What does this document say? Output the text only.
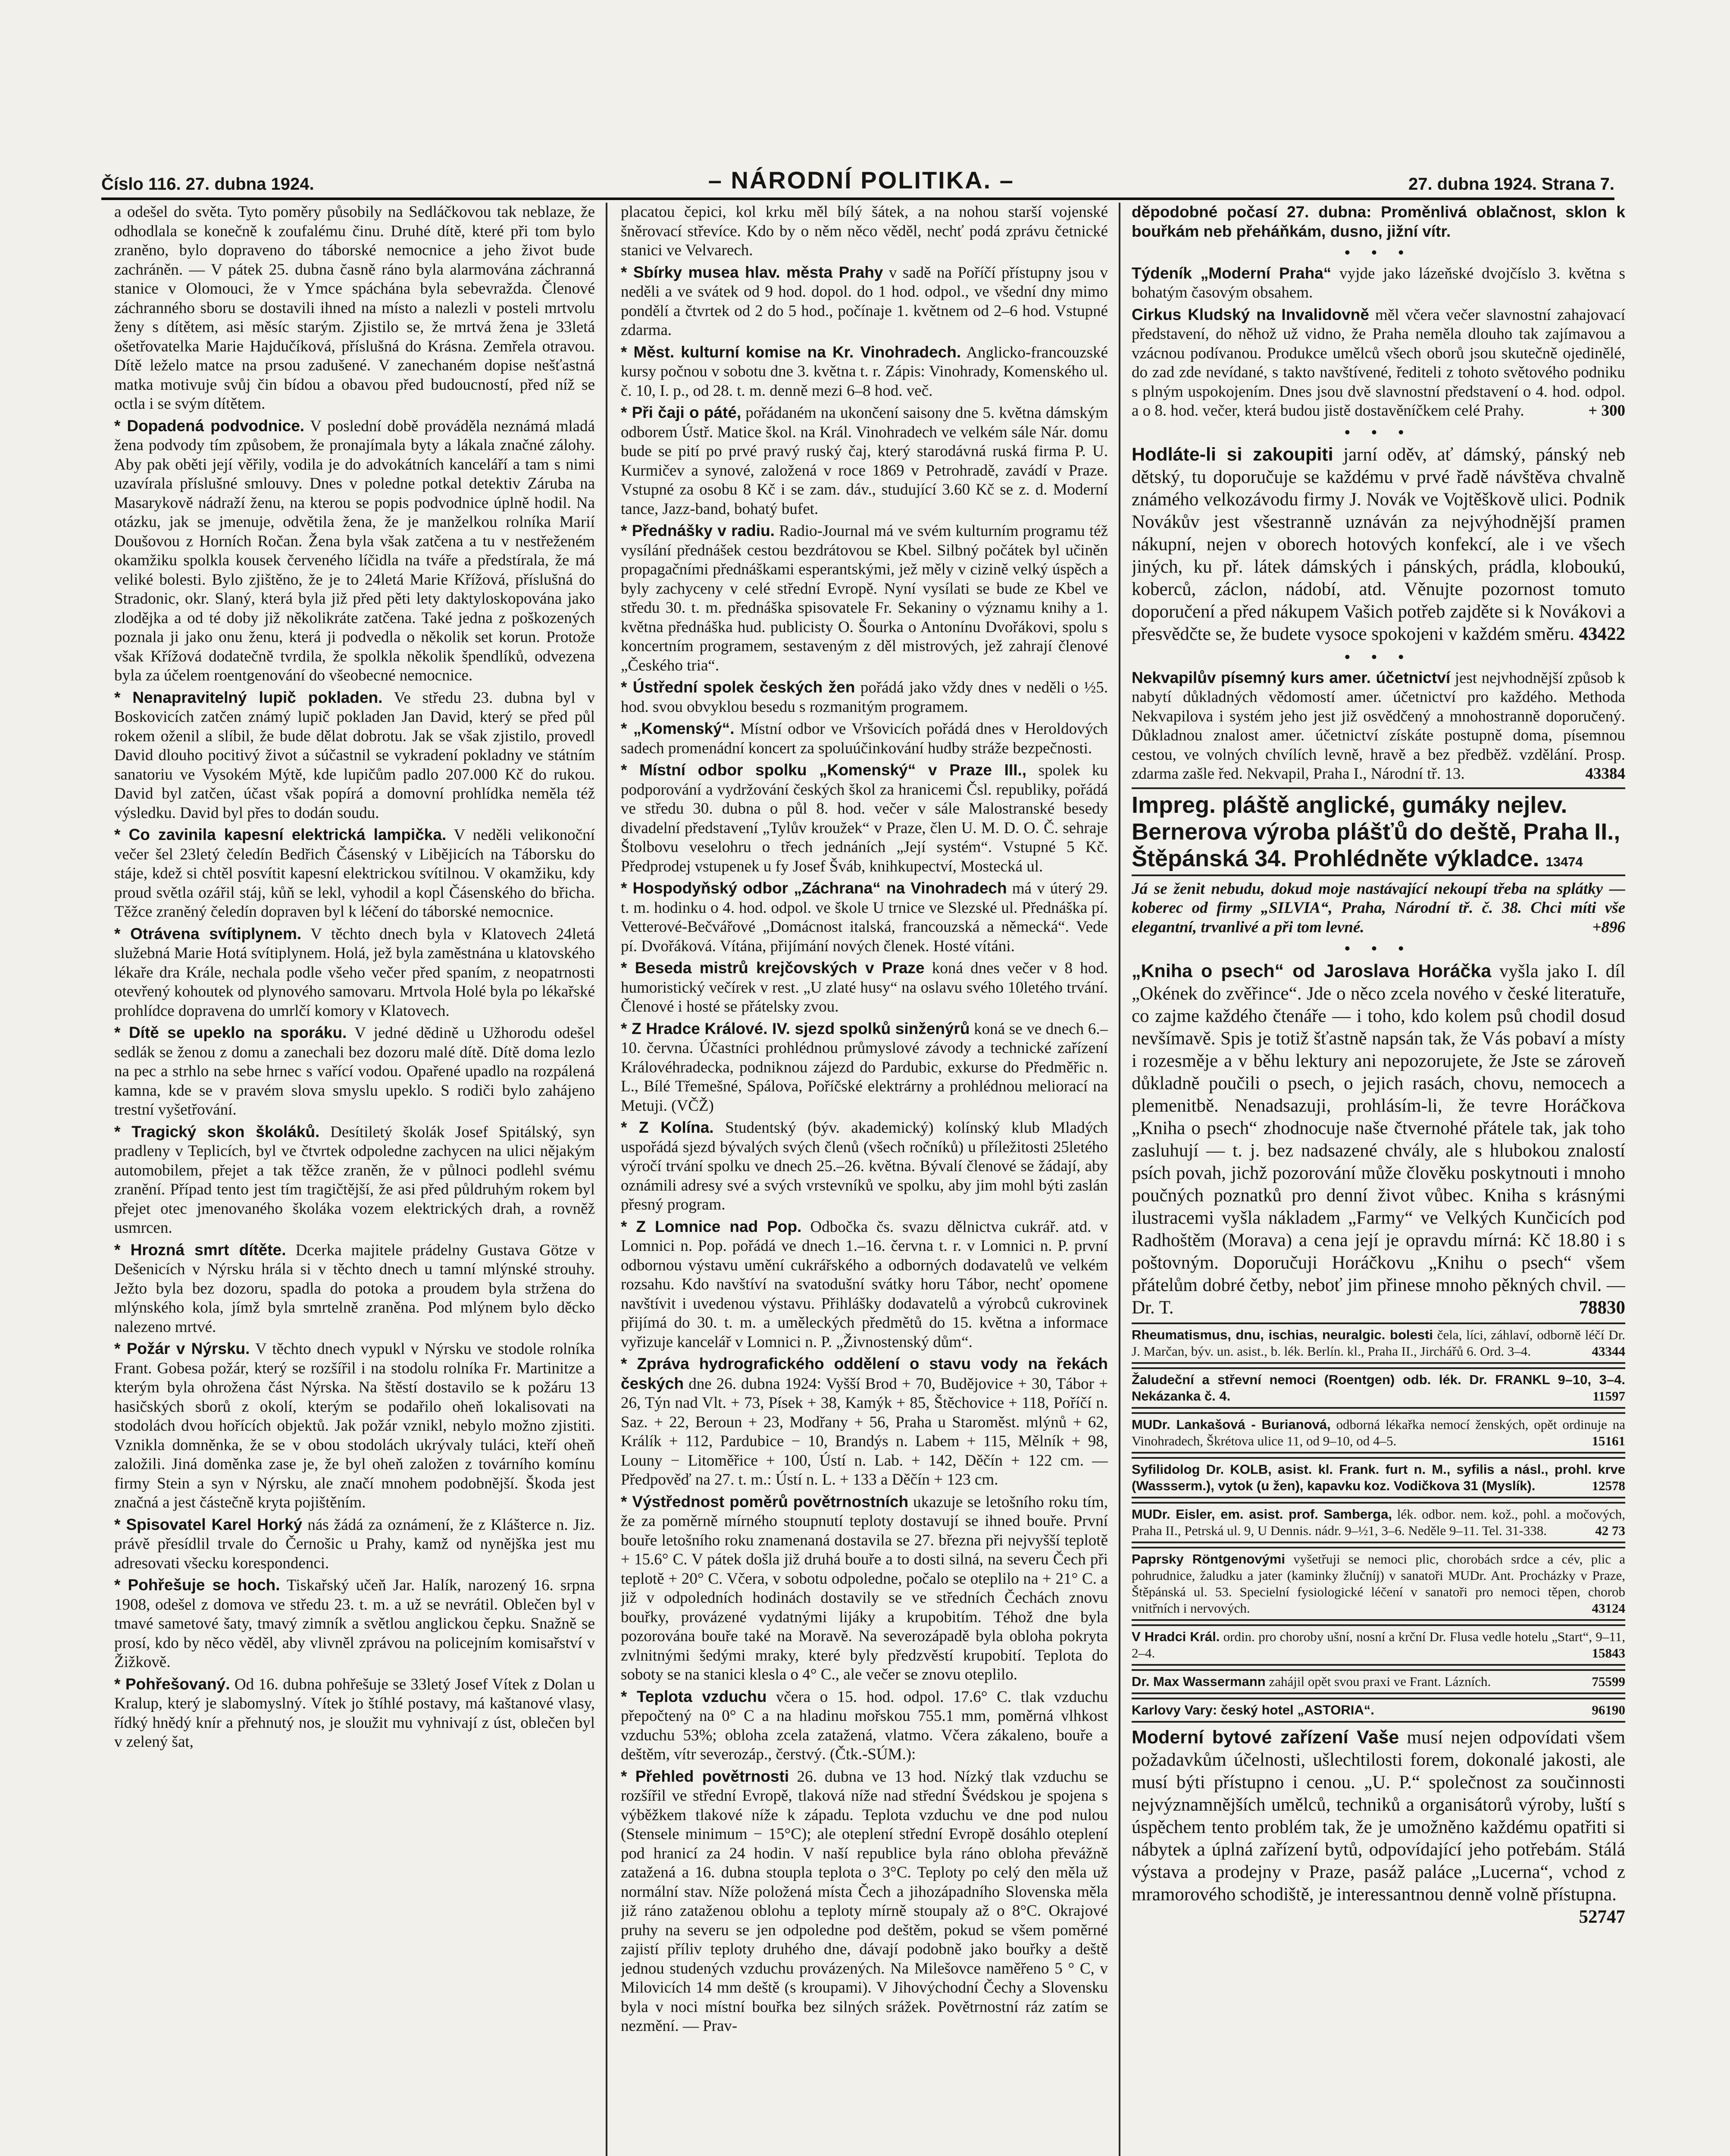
Číslo 116. 27. dubna 1924.	– NÁRODNÍ POLITIKA. –	27. dubna 1924. Strana 7.

a odešel do světa. Tyto poměry působily na Sedláčkovou tak neblaze, že odhodlala se konečně k zoufalému činu. Druhé dítě, které při tom bylo zraněno, bylo dopraveno do táborské nemocnice a jeho život bude zachráněn. — V pátek 25. dubna časně ráno byla alarmována záchranná stanice v Olomouci, že v Ymce spáchána byla sebevražda. Členové záchranného sboru se dostavili ihned na místo a nalezli v posteli mrtvolu ženy s dítětem, asi měsíc starým. Zjistilo se, že mrtvá žena je 33letá ošetřovatelka Marie Hajdučíková, příslušná do Krásna. Zemřela otravou. Dítě leželo matce na prsou zadušené. V zanechaném dopise nešťastná matka motivuje svůj čin bídou a obavou před budoucností, před níž se octla i se svým dítětem.

* Dopadená podvodnice. V poslední době prováděla neznámá mladá žena podvody tím způsobem, že pronajímala byty a lákala značné zálohy. Aby pak oběti její věřily, vodila je do advokátních kanceláří a tam s nimi uzavírala příslušné smlouvy. Dnes v poledne potkal detektiv Záruba na Masarykově nádraží ženu, na kterou se popis podvodnice úplně hodil. Na otázku, jak se jmenuje, odvětila žena, že je manželkou rolníka Marií Doušovou z Horních Ročan. Žena byla však zatčena a tu v nestřeženém okamžiku spolkla kousek červeného líčidla na tváře a předstírala, že má veliké bolesti. Bylo zjištěno, že je to 24letá Marie Křížová, příslušná do Stradonic, okr. Slaný, která byla již před pěti lety daktyloskopována jako zlodějka a od té doby již několikráte zatčena. Také jedna z poškozených poznala ji jako onu ženu, která ji podvedla o několik set korun. Protože však Křížová dodatečně tvrdila, že spolkla několik špendlíků, odvezena byla za účelem roentgenování do všeobecné nemocnice.

* Nenapravitelný lupič pokladen. Ve středu 23. dubna byl v Boskovicích zatčen známý lupič pokladen Jan David, který se před půl rokem oženil a slíbil, že bude dělat dobrotu. Jak se však zjistilo, provedl David dlouho pocitivý život a súčastnil se vykradení pokladny ve státním sanatoriu ve Vysokém Mýtě, kde lupičům padlo 207.000 Kč do rukou. David byl zatčen, účast však popírá a domovní prohlídka neměla též výsledku. David byl přes to dodán soudu.

* Co zavinila kapesní elektrická lampička. V neděli velikonoční večer šel 23letý čeledín Bedřich Čásenský v Libějicích na Táborsku do stáje, kdež si chtěl posvítit kapesní elektrickou svítilnou. V okamžiku, kdy proud světla ozářil stáj, kůň se lekl, vyhodil a kopl Čásenského do břicha. Těžce zraněný čeledín dopraven byl k léčení do táborské nemocnice.

* Otrávena svítiplynem. V těchto dnech byla v Klatovech 24letá služebná Marie Hotá svítiplynem. Holá, jež byla zaměstnána u klatovského lékaře dra Krále, nechala podle všeho večer před spaním, z neopatrnosti otevřený kohoutek od plynového samovaru. Mrtvola Holé byla po lékařské prohlídce dopravena do umrlčí komory v Klatovech.

* Dítě se upeklo na sporáku. V jedné dědině u Užhorodu odešel sedlák se ženou z domu a zanechali bez dozoru malé dítě. Dítě doma lezlo na pec a strhlo na sebe hrnec s vařící vodou. Opařené upadlo na rozpálená kamna, kde se v pravém slova smyslu upeklo. S rodiči bylo zahájeno trestní vyšetřování.

* Tragický skon školáků. Desítiletý školák Josef Spitálský, syn pradleny v Teplicích, byl ve čtvrtek odpoledne zachycen na ulici nějakým automobilem, přejet a tak těžce zraněn, že v půlnoci podlehl svému zranění. Případ tento jest tím tragičtější, že asi před půldruhým rokem byl přejet otec jmenovaného školáka vozem elektrických drah, a rovněž usmrcen.

* Hrozná smrt dítěte. Dcerka majitele prádelny Gustava Götze v Dešenicích v Nýrsku hrála si v těchto dnech u tamní mlýnské strouhy. Ježto byla bez dozoru, spadla do potoka a proudem byla stržena do mlýnského kola, jímž byla smrtelně zraněna. Pod mlýnem bylo děcko nalezeno mrtvé.

* Požár v Nýrsku. V těchto dnech vypukl v Nýrsku ve stodole rolníka Frant. Gobesa požár, který se rozšířil i na stodolu rolníka Fr. Martinitze a kterým byla ohrožena část Nýrska. Na štěstí dostavilo se k požáru 13 hasičských sborů z okolí, kterým se podařilo oheň lokalisovati na stodolách dvou hořících objektů. Jak požár vznikl, nebylo možno zjistiti. Vznikla domněnka, že se v obou stodolách ukrývaly tuláci, kteří oheň založili. Jiná doměnka zase je, že byl oheň založen z továrního komínu firmy Stein a syn v Nýrsku, ale značí mnohem podobnější. Škoda jest značná a jest částečně kryta pojištěním.

* Spisovatel Karel Horký nás žádá za oznámení, že z Klášterce n. Jiz. právě přesídlil trvale do Černošic u Prahy, kamž od nynějška jest mu adresovati všecku korespondenci.

* Pohřešuje se hoch. Tiskařský učeň Jar. Halík, narozený 16. srpna 1908, odešel z domova ve středu 23. t. m. a už se nevrátil. Oblečen byl v tmavé sametové šaty, tmavý zimník a světlou anglickou čepku. Snažně se prosí, kdo by něco věděl, aby vlivněl zprávou na policejním komisařství v Žižkově.

* Pohřešovaný. Od 16. dubna pohřešuje se 33letý Josef Vítek z Dolan u Kralup, který je slabomyslný. Vítek jo štíhlé postavy, má kaštanové vlasy, řídký hnědý knír a přehnutý nos, je sloužit mu vyhnivají z úst, oblečen byl v zelený šat,

placatou čepici, kol krku měl bílý šátek, a na nohou starší vojenské šněrovací střevíce. Kdo by o něm něco věděl, nechť podá zprávu četnické stanici ve Velvarech.

* Sbírky musea hlav. města Prahy v sadě na Poříčí přístupny jsou v neděli a ve svátek od 9 hod. dopol. do 1 hod. odpol., ve všední dny mimo pondělí a čtvrtek od 2 do 5 hod., počínaje 1. květnem od 2–6 hod. Vstupné zdarma.

* Měst. kulturní komise na Kr. Vinohradech. Anglicko-francouzské kursy počnou v sobotu dne 3. května t. r. Zápis: Vinohrady, Komenského ul. č. 10, I. p., od 28. t. m. denně mezi 6–8 hod. več.

* Při čaji o páté, pořádaném na ukončení saisony dne 5. května dámským odborem Ústř. Matice škol. na Král. Vinohradech ve velkém sále Nár. domu bude se pití po prvé pravý ruský čaj, který starodávná ruská firma P. U. Kurmičev a synové, založená v roce 1869 v Petrohradě, zavádí v Praze. Vstupné za osobu 8 Kč i se zam. dáv., studující 3.60 Kč se z. d. Moderní tance, Jazz-band, bohatý bufet.

* Přednášky v radiu. Radio-Journal má ve svém kulturním programu též vysílání přednášek cestou bezdrátovou se Kbel. Silbný počátek byl učiněn propagačními přednáškami esperantskými, jež měly v cizině velký úspěch a byly zachyceny v celé střední Evropě. Nyní vysílati se bude ze Kbel ve středu 30. t. m. přednáška spisovatele Fr. Sekaniny o významu knihy a 1. května přednáška hud. publicisty O. Šourka o Antonínu Dvořákovi, spolu s koncertním programem, sestaveným z děl mistrových, jež zahrají členové „Českého tria“.

* Ústřední spolek českých žen pořádá jako vždy dnes v neděli o ½5. hod. svou obvyklou besedu s rozmanitým programem.

* „Komenský“. Místní odbor ve Vršovicích pořádá dnes v Heroldových sadech promenádní koncert za spoluúčinkování hudby stráže bezpečnosti.

* Místní odbor spolku „Komenský“ v Praze III., spolek ku podporování a vydržování českých škol za hranicemi Čsl. republiky, pořádá ve středu 30. dubna o půl 8. hod. večer v sále Malostranské besedy divadelní představení „Tylův kroužek“ v Praze, člen U. M. D. O. Č. sehraje Štolbovu veselohru o třech jednáních „Její systém“. Vstupné 5 Kč. Předprodej vstupenek u fy Josef Šváb, knihkupectví, Mostecká ul.

* Hospodyňský odbor „Záchrana“ na Vinohradech má v úterý 29. t. m. hodinku o 4. hod. odpol. ve škole U trnice ve Slezské ul. Přednáška pí. Vetterové-Bečvářové „Domácnost italská, francouzská a německá“. Vede pí. Dvořáková. Vítána, přijímání nových členek. Hosté vítáni.

* Beseda mistrů krejčovských v Praze koná dnes večer v 8 hod. humoristický večírek v rest. „U zlaté husy“ na oslavu svého 10letého trvání. Členové i hosté se přátelsky zvou.

* Z Hradce Králové. IV. sjezd spolků sinženýrů koná se ve dnech 6.–10. června. Účastníci prohlédnou průmyslové závody a technické zařízení Královéhradecka, podniknou zájezd do Pardubic, exkurse do Předměřic n. L., Bílé Třemešné, Spálova, Poříčské elektrárny a prohlédnou meliorací na Metuji. (VČŽ)

* Z Kolína. Studentský (býv. akademický) kolínský klub Mladých uspořádá sjezd bývalých svých členů (všech ročníků) u příležitosti 25letého výročí trvání spolku ve dnech 25.–26. května. Bývalí členové se žádají, aby oznámili adresy své a svých vrstevníků ve spolku, aby jim mohl býti zaslán přesný program.

* Z Lomnice nad Pop. Odbočka čs. svazu dělnictva cukrář. atd. v Lomnici n. Pop. pořádá ve dnech 1.–16. června t. r. v Lomnici n. P. první odbornou výstavu umění cukrářského a odborných dodavatelů ve velkém rozsahu. Kdo navštíví na svatodušní svátky horu Tábor, nechť opomene navštívit i uvedenou výstavu. Přihlášky dodavatelů a výrobců cukrovinek přijímá do 30. t. m. a uměleckých předmětů do 15. května a informace vyřizuje kancelář v Lomnici n. P. „Živnostenský dům“.

* Zpráva hydrografického oddělení o stavu vody na řekách českých dne 26. dubna 1924: Vyšší Brod + 70, Budějovice + 30, Tábor + 26, Týn nad Vlt. + 73, Písek + 38, Kamýk + 85, Štěchovice + 118, Poříčí n. Saz. + 22, Beroun + 23, Modřany + 56, Praha u Staroměst. mlýnů + 62, Králík + 112, Pardubice − 10, Brandýs n. Labem + 115, Mělník + 98, Louny − Litoměřice + 100, Ústí n. Lab. + 142, Děčín + 122 cm. — Předpověď na 27. t. m.: Ústí n. L. + 133 a Děčín + 123 cm.

* Výstřednost poměrů povětrnostních ukazuje se letošního roku tím, že za poměrně mírného stoupnutí teploty dostavují se ihned bouře. První bouře letošního roku znamenaná dostavila se 27. března při nejvyšší teplotě + 15.6° C. V pátek došla již druhá bouře a to dosti silná, na severu Čech při teplotě + 20° C. Včera, v sobotu odpoledne, počalo se oteplilo na + 21° C. a již v odpoledních hodinách dostavily se ve středních Čechách znovu bouřky, provázené vydatnými lijáky a krupobitím. Téhož dne byla pozorována bouře také na Moravě. Na severozápadě byla obloha pokryta zvlnitnými šedými mraky, které byly předzvěstí krupobití. Teplota do soboty se na stanici klesla o 4° C., ale večer se znovu oteplilo.

* Teplota vzduchu včera o 15. hod. odpol. 17.6° C. tlak vzduchu přepočtený na 0° C a na hladinu mořskou 755.1 mm, poměrná vlhkost vzduchu 53%; obloha zcela zatažená, vlatmo. Včera zákaleno, bouře a deštěm, vítr severozáp., čerstvý. (Čtk.-SÚM.):

* Přehled povětrnosti 26. dubna ve 13 hod. Nízký tlak vzduchu se rozšířil ve střední Evropě, tlaková níže nad střední Švédskou je spojena s výběžkem tlakové níže k západu. Teplota vzduchu ve dne pod nulou (Stensele minimum − 15°C); ale oteplení střední Evropě dosáhlo oteplení pod hranicí za 24 hodin. V naší republice byla ráno obloha převážně zatažená a 16. dubna stoupla teplota o 3°C. Teploty po celý den měla už normální stav. Níže položená místa Čech a jihozápadního Slovenska měla již ráno zataženou oblohu a teploty mírně stoupaly až o 8°C. Okrajové pruhy na severu se jen odpoledne pod deštěm, pokud se všem poměrné zajistí příliv teploty druhého dne, dávají podobně jako bouřky a deště jednou studených vzduchu provázených. Na Milešovce naměřeno 5 ° C, v Milovicích 14 mm deště (s kroupami). V Jihovýchodní Čechy a Slovensku byla v noci místní bouřka bez silných srážek. Povětrnostní ráz zatím se nezmění. — Prav-

děpodobné počasí 27. dubna: Proměnlivá oblačnost, sklon k bouřkám neb přeháňkám, dusno, jižní vítr.

• • •

Týdeník „Moderní Praha“ vyjde jako lázeňské dvojčíslo 3. května s bohatým časovým obsahem.

Cirkus Kludský na Invalidovně měl včera večer slavnostní zahajovací představení, do něhož už vidno, že Praha neměla dlouho tak zajímavou a vzácnou podívanou. Produkce umělců všech oborů jsou skutečně ojedinělé, do zad zde nevídané, s takto navštívené, řediteli z tohoto světového podniku s plným uspokojením. Dnes jsou dvě slavnostní představení o 4. hod. odpol. a o 8. hod. večer, která budou jistě dostavěníčkem celé Prahy.	+ 300

• • •

Hodláte-li si zakoupiti jarní oděv, ať dámský, pánský neb dětský, tu doporučuje se každému v prvé řadě návštěva chvalně známého velkozávodu firmy J. Novák ve Vojtěškově ulici. Podnik Novákův jest všestranně uznáván za nejvýhodnější pramen nákupní, nejen v oborech hotových konfekcí, ale i ve všech jiných, ku př. látek dámských i pánských, prádla, kloboukú, koberců, záclon, nádobí, atd. Věnujte pozornost tomuto doporučení a před nákupem Vašich potřeb zajděte si k Novákovi a přesvědčte se, že budete vysoce spokojeni v každém směru. 43422

• • •

Nekvapilův písemný kurs amer. účetnictví jest nejvhodnější způsob k nabytí důkladných vědomostí amer. účetnictví pro každého. Methoda Nekvapilova i systém jeho jest již osvědčený a mnohostranně doporučený. Důkladnou znalost amer. účetnictví získáte postupně doma, písemnou cestou, ve volných chvílích levně, hravě a bez předběž. vzdělání. Prosp. zdarma zašle řed. Nekvapil, Praha I., Národní tř. 13.	43384

Impreg. pláště anglické, gumáky nejlev.
Bernerova výroba plášťů do deště, Praha II.,
Štěpánská 34. Prohlédněte výkladce. 13474

Já se ženit nebudu, dokud moje nastávající nekoupí třeba na splátky — koberec od firmy „SILVIA“, Praha, Národní tř. č. 38. Chci míti vše elegantní, trvanlivé a při tom levné.	+896

• • •

„Kniha o psech“ od Jaroslava Horáčka vyšla jako I. díl „Okének do zvěřince“. Jde o něco zcela nového v české literatuře, co zajme každého čtenáře — i toho, kdo kolem psů chodil dosud nevšímavě. Spis je totiž šťastně napsán tak, že Vás pobaví a místy i rozesměje a v běhu lektury ani nepozorujete, že Jste se zároveň důkladně poučili o psech, o jejich rasách, chovu, nemocech a plemenitbě. Nenadsazuji, prohlásím-li, že tevre Horáčkova „Kniha o psech“ zhodnocuje naše čtvernohé přátele tak, jak toho zasluhují — t. j. bez nadsazené chvály, ale s hlubokou znalostí psích povah, jichž pozorování může člověku poskytnouti i mnoho poučných poznatků pro denní život vůbec. Kniha s krásnými ilustracemi vyšla nákladem „Farmy“ ve Velkých Kunčicích pod Radhoštěm (Morava) a cena její je opravdu mírná: Kč 18.80 i s poštovným. Doporučuji Horáčkovu „Knihu o psech“ všem přátelům dobré četby, neboť jim přinese mnoho pěkných chvil. — Dr. T.	78830

Rheumatismus, dnu, ischias, neuralgic. bolesti čela, líci, záhlaví, odborně léčí Dr. J. Marčan, býv. un. asist., b. lék. Berlín. kl., Praha II., Jirchářů 6. Ord. 3–4.	43344
Žaludeční a střevní nemoci (Roentgen) odb. lék. Dr. FRANKL 9–10, 3–4. Nekázanka č. 4.	11597
MUDr. Lankašová - Burianová, odborná lékařka nemocí ženských, opět ordinuje na Vinohradech, Škrétova ulice 11, od 9–10, od 4–5.	15161
Syfilidolog Dr. KOLB, asist. kl. Frank. furt n. M., syfilis a násl., prohl. krve (Wassserm.), vytok (u žen), kapavku koz. Vodičkova 31 (Myslík).	12578
MUDr. Eisler, em. asist. prof. Samberga, lék. odbor. nem. kož., pohl. a močových, Praha II., Petrská ul. 9, U Dennis. nádr. 9–½1, 3–6. Neděle 9–11. Tel. 31-338.	42 73
Paprsky Röntgenovými vyšetřuji se nemoci plic, chorobách srdce a cév, plic a pohrudnice, žaludku a jater (kaminky žlučníj) v sanatoři MUDr. Ant. Procházky v Praze, Štěpánská ul. 53. Specielní fysiologické léčení v sanatoři pro nemoci těpen, chorob vnitřních i nervových.	43124
V Hradci Král. ordin. pro choroby ušní, nosní a krční Dr. Flusa vedle hotelu „Start“, 9–11, 2–4.	15843
Dr. Max Wassermann zahájil opět svou praxi ve Frant. Lázních.	75599
Karlovy Vary: český hotel „ASTORIA“.	96190

Moderní bytové zařízení Vaše musí nejen odpovídati všem požadavkům účelnosti, ušlechtilosti forem, dokonalé jakosti, ale musí býti přístupno i cenou. „U. P.“ společnost za součinnosti nejvýznamnějších umělců, techniků a organisátorů výroby, luští s úspěchem tento problém tak, že je umožněno každému opatřiti si nábytek a úplná zařízení bytů, odpovídající jeho potřebám. Stálá výstava a prodejny v Praze, pasáž paláce „Lucerna“, vchod z mramorového schodiště, je interessantnou denně volně přístupna.
52747
